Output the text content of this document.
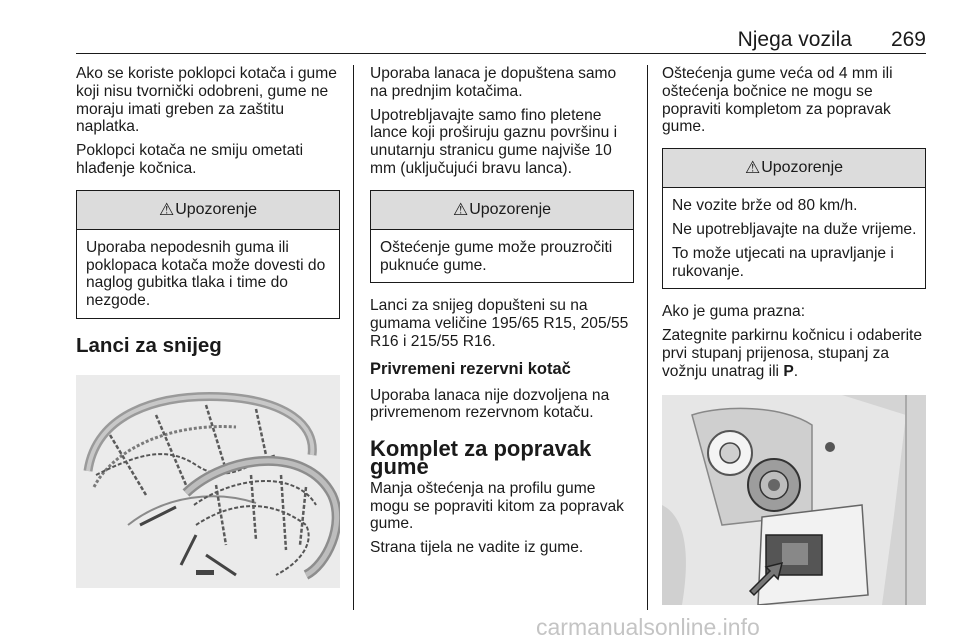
Njega vozila 269

Ako se koriste poklopci kotača i gume koji nisu tvornički odobreni, gume ne moraju imati greben za zaštitu naplatka.

Poklopci kotača ne smiju ometati hlađenje kočnica.

⚠ Upozorenje

Uporaba nepodesnih guma ili poklopaca kotača može dovesti do naglog gubitka tlaka i time do nezgode.

Lanci za snijeg

Uporaba lanaca je dopuštena samo na prednjim kotačima.

Upotrebljavajte samo fino pletene lance koji proširuju gaznu površinu i unutarnju stranicu gume najviše 10 mm (uključujući bravu lanca).

⚠ Upozorenje

Oštećenje gume može prouzročiti puknuće gume.

Lanci za snijeg dopušteni su na gumama veličine 195/65 R15, 205/55 R16 i 215/55 R16.

Privremeni rezervni kotač

Uporaba lanaca nije dozvoljena na privremenom rezervnom kotaču.

Komplet za popravak gume

Manja oštećenja na profilu gume mogu se popraviti kitom za popravak gume.

Strana tijela ne vadite iz gume.

Oštećenja gume veća od 4 mm ili oštećenja bočnice ne mogu se popraviti kompletom za popravak gume.

⚠ Upozorenje

Ne vozite brže od 80 km/h.

Ne upotrebljavajte na duže vrijeme.

To može utjecati na upravljanje i rukovanje.

Ako je guma prazna:

Zategnite parkirnu kočnicu i odaberite prvi stupanj prijenosa, stupanj za vožnju unatrag ili P.

carmanualsonline.info
